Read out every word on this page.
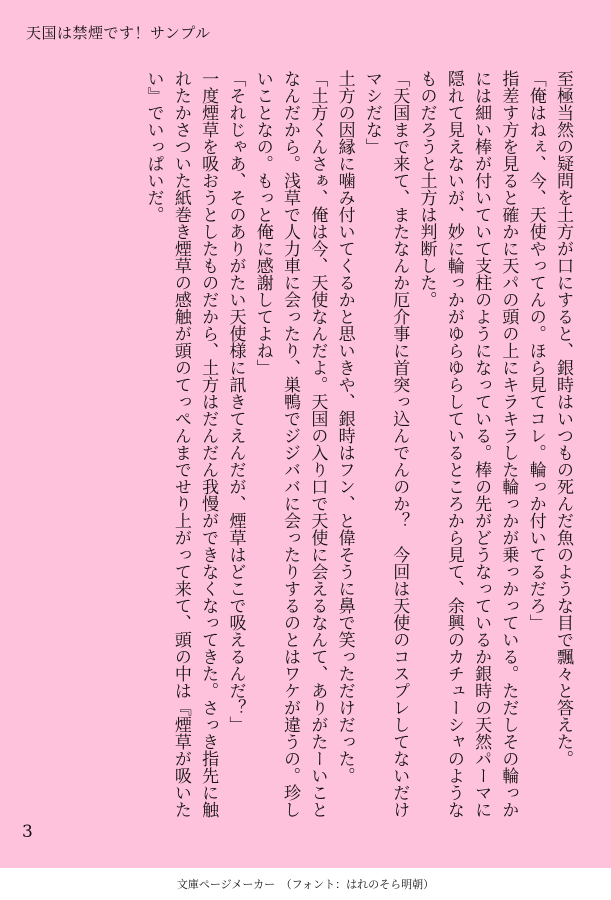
天国は禁煙です！サンプル

至極当然の疑問を土方が口にすると、銀時はいつもの死んだ魚のような目で飄々と答えた。

「俺はねぇ、今、天使やってんの。ほら見てコレ。輪っか付いてるだろ」

指差す方を見ると確かに天パの頭の上にキラキラした輪っかが乗っかっている。ただしその輪っかには細い棒が付いていて支柱のようになっている。棒の先がどうなっているか銀時の天然パーマに隠れて見えないが、妙に輪っかがゆらゆらしているところから見て、余興のカチューシャのようなものだろうと土方は判断した。

「天国まで来て、またなんか厄介事に首突っ込んでんのか？　今回は天使のコスプレしてないだけマシだな」

土方の因縁に噛み付いてくるかと思いきや、銀時はフン、と偉そうに鼻で笑っただけだった。

「土方くんさぁ、俺は今、天使なんだよ。天国の入り口で天使に会えるなんて、ありがたーいことなんだから。浅草で人力車に会ったり、巣鴨でジジババに会ったりするのとはワケが違うの。珍しいことなの。もっと俺に感謝してよね」

「それじゃあ、そのありがたい天使様に訊きてえんだが、煙草はどこで吸えるんだ？」

一度煙草を吸おうとしたものだから、土方はだんだん我慢ができなくなってきた。さっき指先に触れたかさついた紙巻き煙草の感触が頭のてっぺんまでせり上がって来て、頭の中は『煙草が吸いたい』でいっぱいだ。

3
文庫ページメーカー　（フォント：はれのそら明朝）
